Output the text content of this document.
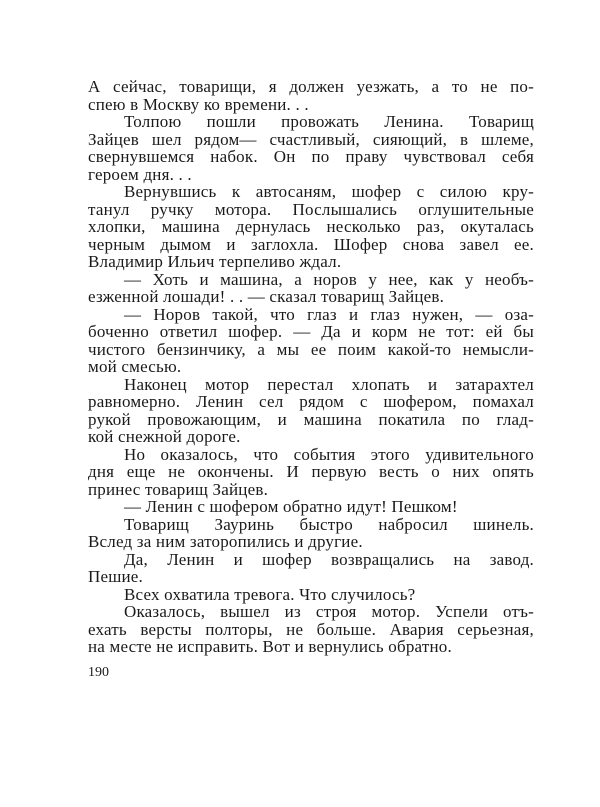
А сейчас, товарищи, я должен уезжать, а то не по-
спею в Москву ко времени. . .
Толпою пошли провожать Ленина. Товарищ
Зайцев шел рядом— счастливый, сияющий, в шлеме,
свернувшемся набок. Он по праву чувствовал себя
героем дня. . .
Вернувшись к автосаням, шофер с силою кру-
танул ручку мотора. Послышались оглушительные
хлопки, машина дернулась несколько раз, окуталась
черным дымом и заглохла. Шофер снова завел ее.
Владимир Ильич терпеливо ждал.
— Хоть и машина, а норов у нее, как у необъ-
езженной лошади! . . — сказал товарищ Зайцев.
— Норов такой, что глаз и глаз нужен, — оза-
боченно ответил шофер. — Да и корм не тот: ей бы
чистого бензинчику, а мы ее поим какой-то немысли-
мой смесью.
Наконец мотор перестал хлопать и затарахтел
равномерно. Ленин сел рядом с шофером, помахал
рукой провожающим, и машина покатила по глад-
кой снежной дороге.
Но оказалось, что события этого удивительного
дня еще не окончены. И первую весть о них опять
принес товарищ Зайцев.
— Ленин с шофером обратно идут! Пешком!
Товарищ Зауринь быстро набросил шинель.
Вслед за ним заторопились и другие.
Да, Ленин и шофер возвращались на завод.
Пешие.
Всех охватила тревога. Что случилось?
Оказалось, вышел из строя мотор. Успели отъ-
ехать версты полторы, не больше. Авария серьезная,
на месте не исправить. Вот и вернулись обратно.
190
